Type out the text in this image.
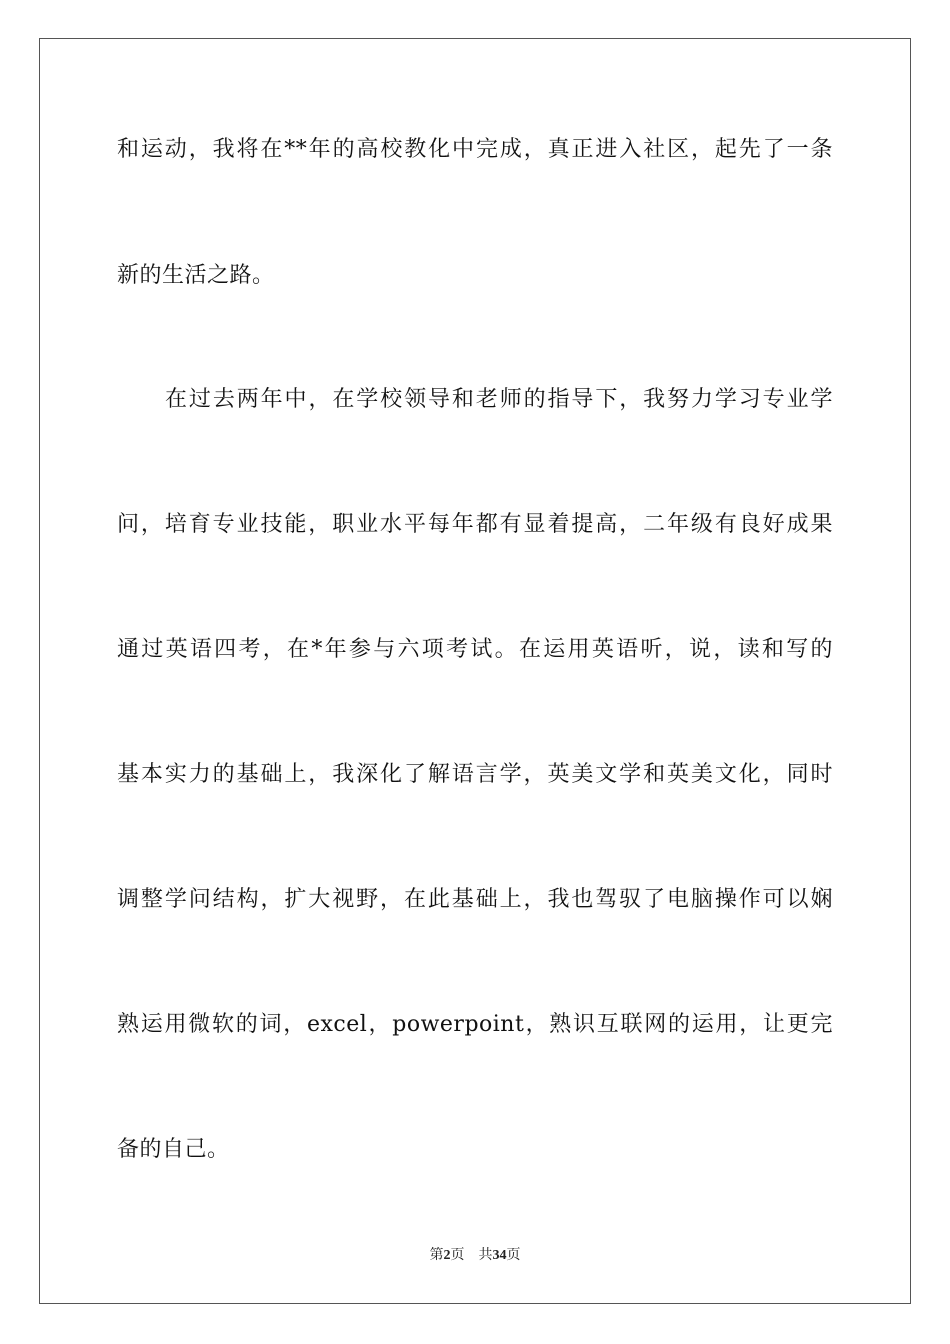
和运动，我将在**年的高校教化中完成，真正进入社区，起先了一条
新的生活之路。
在过去两年中，在学校领导和老师的指导下，我努力学习专业学
问，培育专业技能，职业水平每年都有显着提高，二年级有良好成果
通过英语四考，在*年参与六项考试。在运用英语听，说，读和写的
基本实力的基础上，我深化了解语言学，英美文学和英美文化，同时
调整学问结构，扩大视野，在此基础上，我也驾驭了电脑操作可以娴
熟运用微软的词，excel，powerpoint，熟识互联网的运用，让更完
备的自己。
第2页 共34页
